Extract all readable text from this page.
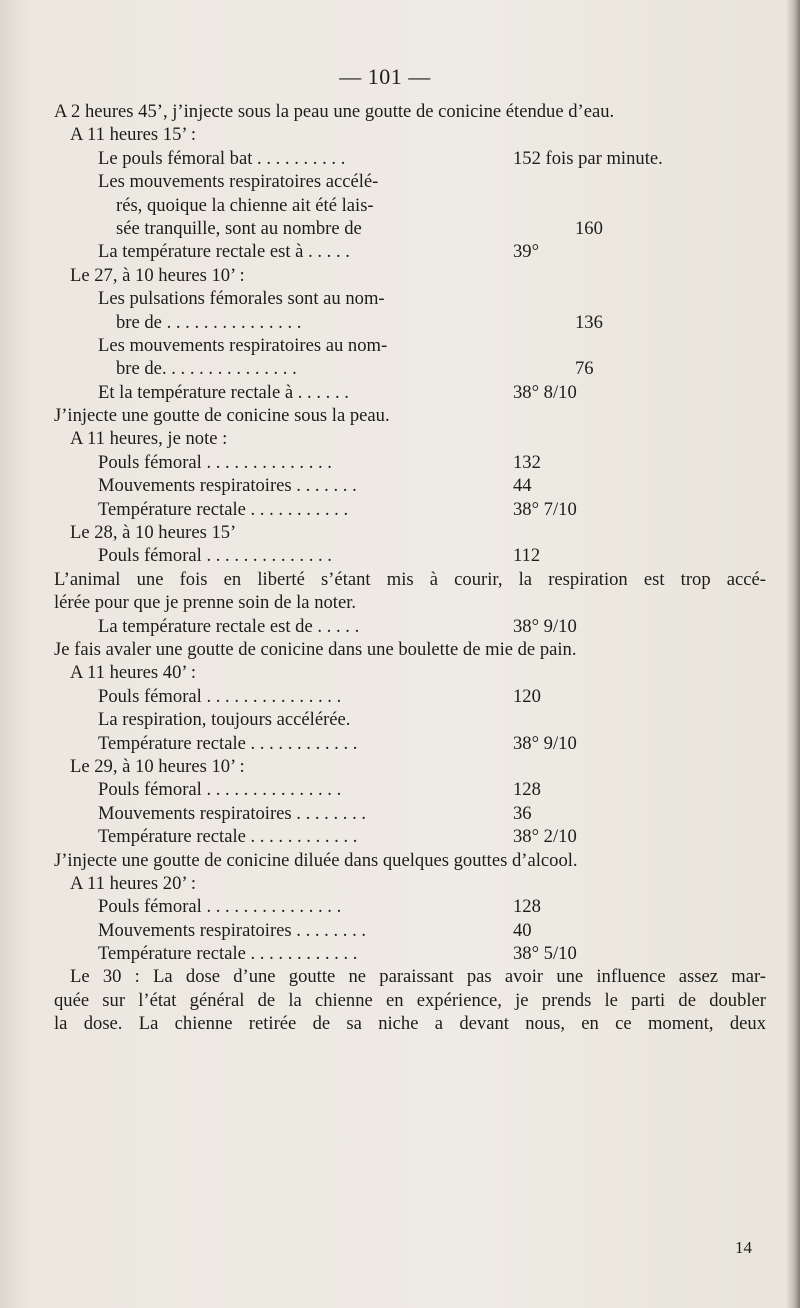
— 101 —
A 2 heures 45’, j’injecte sous la peau une goutte de conicine étendue d’eau.
A 11 heures 15’ :
Le pouls fémoral bat . . . . . . . . . .	152 fois par minute.
Les mouvements respiratoires accélé-
rés, quoique la chienne ait été lais-
sée tranquille, sont au nombre de	160
La température rectale est à . . . . .	39°
Le 27, à 10 heures 10’ :
Les pulsations fémorales sont au nom-
bre de . . . . . . . . . . . . . . .	136
Les mouvements respiratoires au nom-
bre de. . . . . . . . . . . . . . .	76
Et la température rectale à . . . . . .	38° 8/10
J’injecte une goutte de conicine sous la peau.
A 11 heures, je note :
Pouls fémoral . . . . . . . . . . . . . .	132
Mouvements respiratoires . . . . . . .	44
Température rectale . . . . . . . . . . .	38° 7/10
Le 28, à 10 heures 15’
Pouls fémoral . . . . . . . . . . . . . .	112
L’animal une fois en liberté s’étant mis à courir, la respiration est trop accé-
lérée pour que je prenne soin de la noter.
La température rectale est de . . . . .	38° 9/10
Je fais avaler une goutte de conicine dans une boulette de mie de pain.
A 11 heures 40’ :
Pouls fémoral . . . . . . . . . . . . . . .	120
La respiration, toujours accélérée.
Température rectale . . . . . . . . . . . .	38° 9/10
Le 29, à 10 heures 10’ :
Pouls fémoral . . . . . . . . . . . . . . .	128
Mouvements respiratoires . . . . . . . .	36
Température rectale . . . . . . . . . . . .	38° 2/10
J’injecte une goutte de conicine diluée dans quelques gouttes d’alcool.
A 11 heures 20’ :
Pouls fémoral . . . . . . . . . . . . . . .	128
Mouvements respiratoires . . . . . . . .	40
Température rectale . . . . . . . . . . . .	38° 5/10
Le 30 : La dose d’une goutte ne paraissant pas avoir une influence assez mar-
quée sur l’état général de la chienne en expérience, je prends le parti de doubler
la dose. La chienne retirée de sa niche a devant nous, en ce moment, deux
14
